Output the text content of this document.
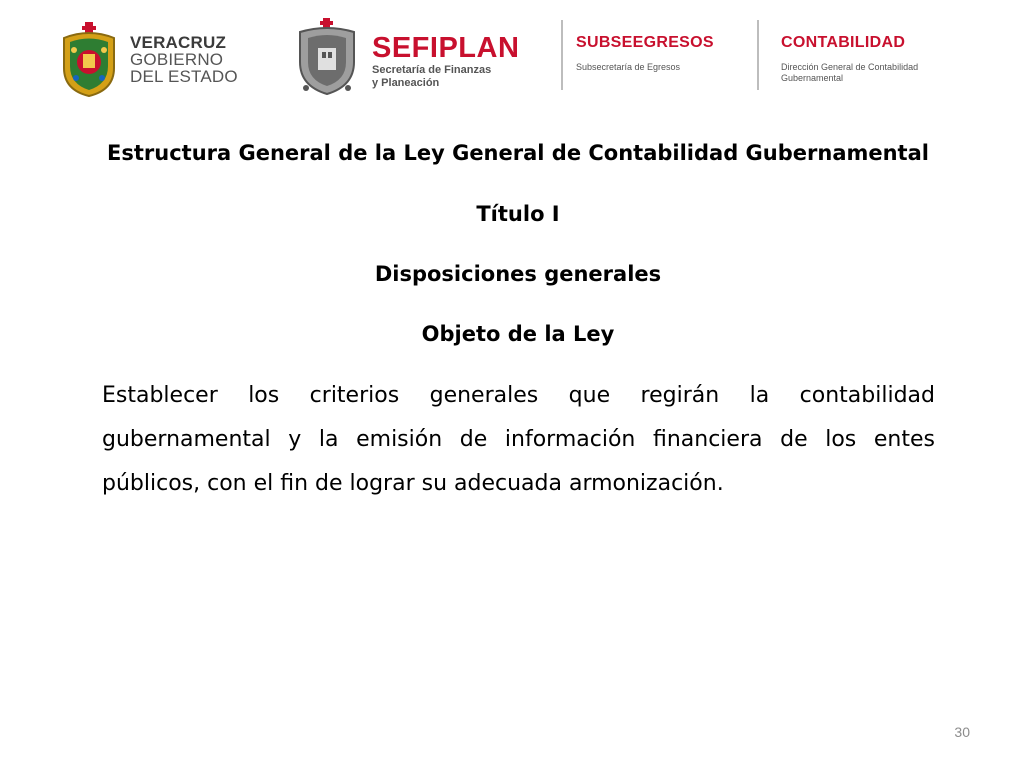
VERACRUZ
GOBIERNO
DEL ESTADO
SEFIPLAN
Secretaría de Finanzas
y Planeación
SUBSEEGRESOS
Subsecretaría de Egresos
CONTABILIDAD
Dirección General de Contabilidad
Gubernamental
Estructura General de la Ley General de Contabilidad Gubernamental
Título I
Disposiciones generales
Objeto de la Ley
Establecer los criterios generales que regirán la contabilidad gubernamental y la emisión de información financiera de los entes públicos, con el fin de lograr su adecuada armonización.
30
